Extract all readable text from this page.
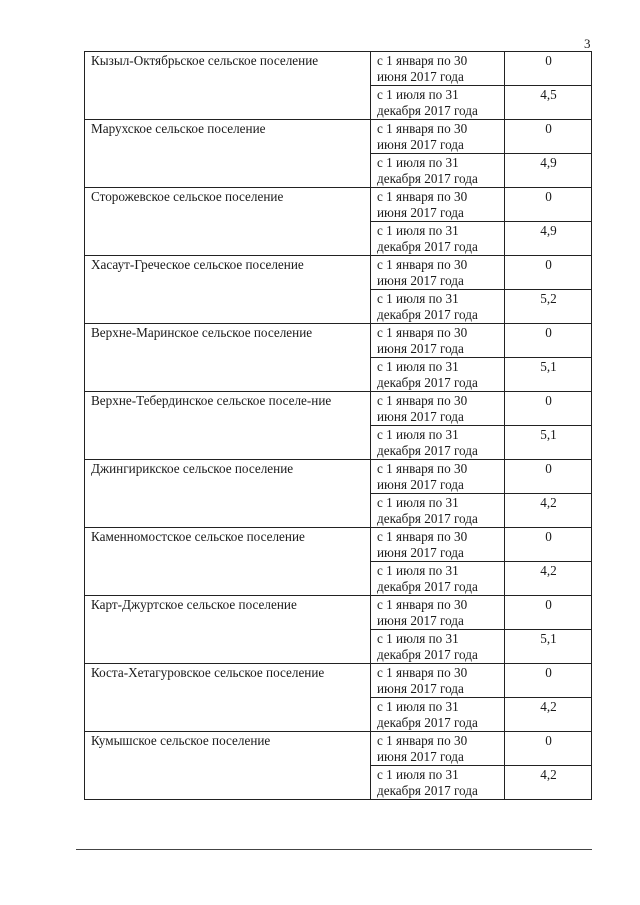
3
Кызыл-Октябрьское сельское поселение	с 1 января по 30 июня 2017 года	0
	с 1 июля по 31 декабря 2017 года	4,5
Марухское сельское поселение	с 1 января по 30 июня 2017 года	0
	с 1 июля по 31 декабря 2017 года	4,9
Сторожевское сельское поселение	с 1 января по 30 июня 2017 года	0
	с 1 июля по 31 декабря 2017 года	4,9
Хасаут-Греческое сельское поселение	с 1 января по 30 июня 2017 года	0
	с 1 июля по 31 декабря 2017 года	5,2
Верхне-Маринское сельское поселение	с 1 января по 30 июня 2017 года	0
	с 1 июля по 31 декабря 2017 года	5,1
Верхне-Тебердинское сельское поселе-ние	с 1 января по 30 июня 2017 года	0
	с 1 июля по 31 декабря 2017 года	5,1
Джингирикское сельское поселение	с 1 января по 30 июня 2017 года	0
	с 1 июля по 31 декабря 2017 года	4,2
Каменномостское сельское поселение	с 1 января по 30 июня 2017 года	0
	с 1 июля по 31 декабря 2017 года	4,2
Карт-Джуртское сельское поселение	с 1 января по 30 июня 2017 года	0
	с 1 июля по 31 декабря 2017 года	5,1
Коста-Хетагуровское сельское поселение	с 1 января по 30 июня 2017 года	0
	с 1 июля по 31 декабря 2017 года	4,2
Кумышское сельское поселение	с 1 января по 30 июня 2017 года	0
	с 1 июля по 31 декабря 2017 года	4,2
